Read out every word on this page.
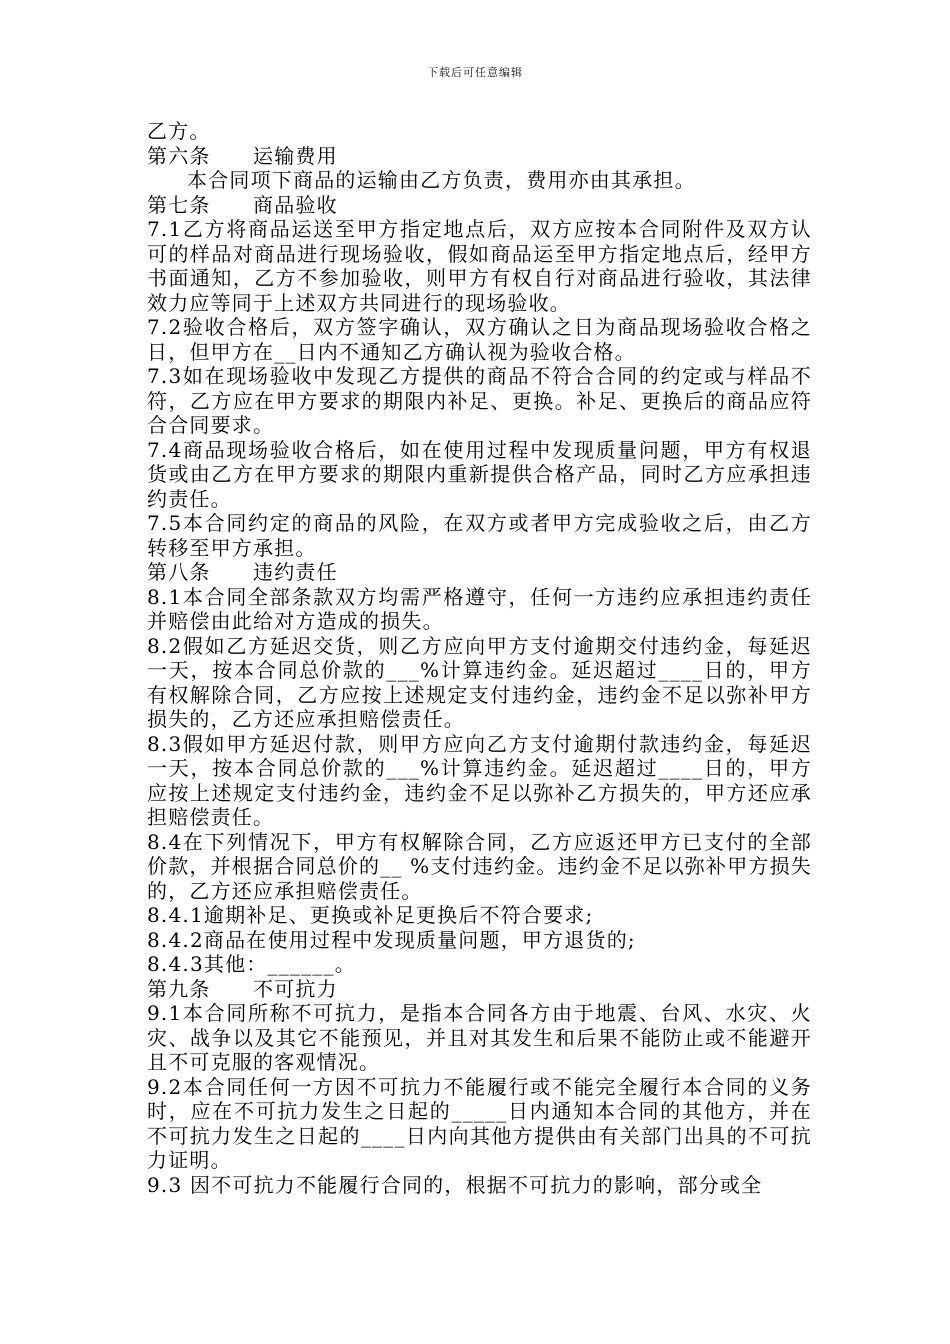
下载后可任意编辑

乙方。

第六条　　运输费用

本合同项下商品的运输由乙方负责，费用亦由其承担。

第七条　　商品验收

7.1乙方将商品运送至甲方指定地点后，双方应按本合同附件及双方认可的样品对商品进行现场验收，假如商品运至甲方指定地点后，经甲方书面通知，乙方不参加验收，则甲方有权自行对商品进行验收，其法律效力应等同于上述双方共同进行的现场验收。

7.2验收合格后，双方签字确认，双方确认之日为商品现场验收合格之日，但甲方在__日内不通知乙方确认视为验收合格。

7.3如在现场验收中发现乙方提供的商品不符合合同的约定或与样品不符，乙方应在甲方要求的期限内补足、更换。补足、更换后的商品应符合合同要求。

7.4商品现场验收合格后，如在使用过程中发现质量问题，甲方有权退货或由乙方在甲方要求的期限内重新提供合格产品，同时乙方应承担违约责任。

7.5本合同约定的商品的风险，在双方或者甲方完成验收之后，由乙方转移至甲方承担。

第八条　　违约责任

8.1本合同全部条款双方均需严格遵守，任何一方违约应承担违约责任并赔偿由此给对方造成的损失。

8.2假如乙方延迟交货，则乙方应向甲方支付逾期交付违约金，每延迟一天，按本合同总价款的___%计算违约金。延迟超过____日的，甲方有权解除合同，乙方应按上述规定支付违约金，违约金不足以弥补甲方损失的，乙方还应承担赔偿责任。

8.3假如甲方延迟付款，则甲方应向乙方支付逾期付款违约金，每延迟一天，按本合同总价款的___%计算违约金。延迟超过____日的，甲方应按上述规定支付违约金，违约金不足以弥补乙方损失的，甲方还应承担赔偿责任。

8.4在下列情况下，甲方有权解除合同，乙方应返还甲方已支付的全部价款，并根据合同总价的__ %支付违约金。违约金不足以弥补甲方损失的，乙方还应承担赔偿责任。

8.4.1逾期补足、更换或补足更换后不符合要求;

8.4.2商品在使用过程中发现质量问题，甲方退货的;

8.4.3其他：______。

第九条　　不可抗力

9.1本合同所称不可抗力，是指本合同各方由于地震、台风、水灾、火灾、战争以及其它不能预见，并且对其发生和后果不能防止或不能避开且不可克服的客观情况。

9.2本合同任何一方因不可抗力不能履行或不能完全履行本合同的义务时，应在不可抗力发生之日起的_____日内通知本合同的其他方，并在不可抗力发生之日起的____日内向其他方提供由有关部门出具的不可抗力证明。

9.3 因不可抗力不能履行合同的，根据不可抗力的影响，部分或全
